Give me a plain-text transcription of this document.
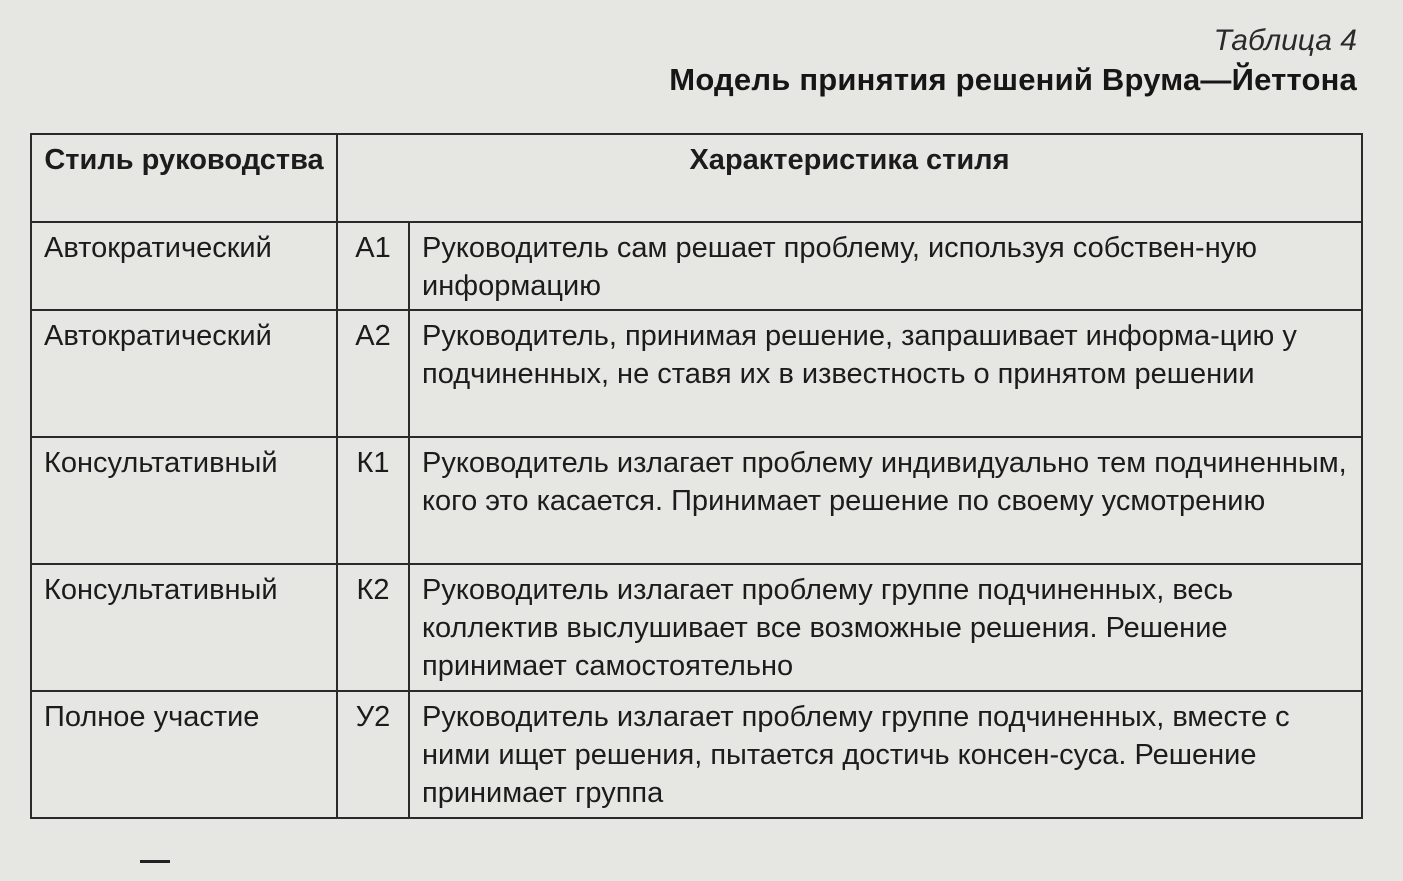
Таблица 4
Модель принятия решений Врума—Йеттона
Стиль руководства	Характеристика стиля	
Автократический	А1	Руководитель сам решает проблему, используя собствен-ную информацию
Автократический	А2	Руководитель, принимая решение, запрашивает информа-цию у подчиненных, не ставя их в известность о принятом решении
Консультативный	К1	Руководитель излагает проблему индивидуально тем подчиненным, кого это касается. Принимает решение по своему усмотрению
Консультативный	К2	Руководитель излагает проблему группе подчиненных, весь коллектив выслушивает все возможные решения. Решение принимает самостоятельно
Полное участие	У2	Руководитель излагает проблему группе подчиненных, вместе с ними ищет решения, пытается достичь консен-суса. Решение принимает группа
